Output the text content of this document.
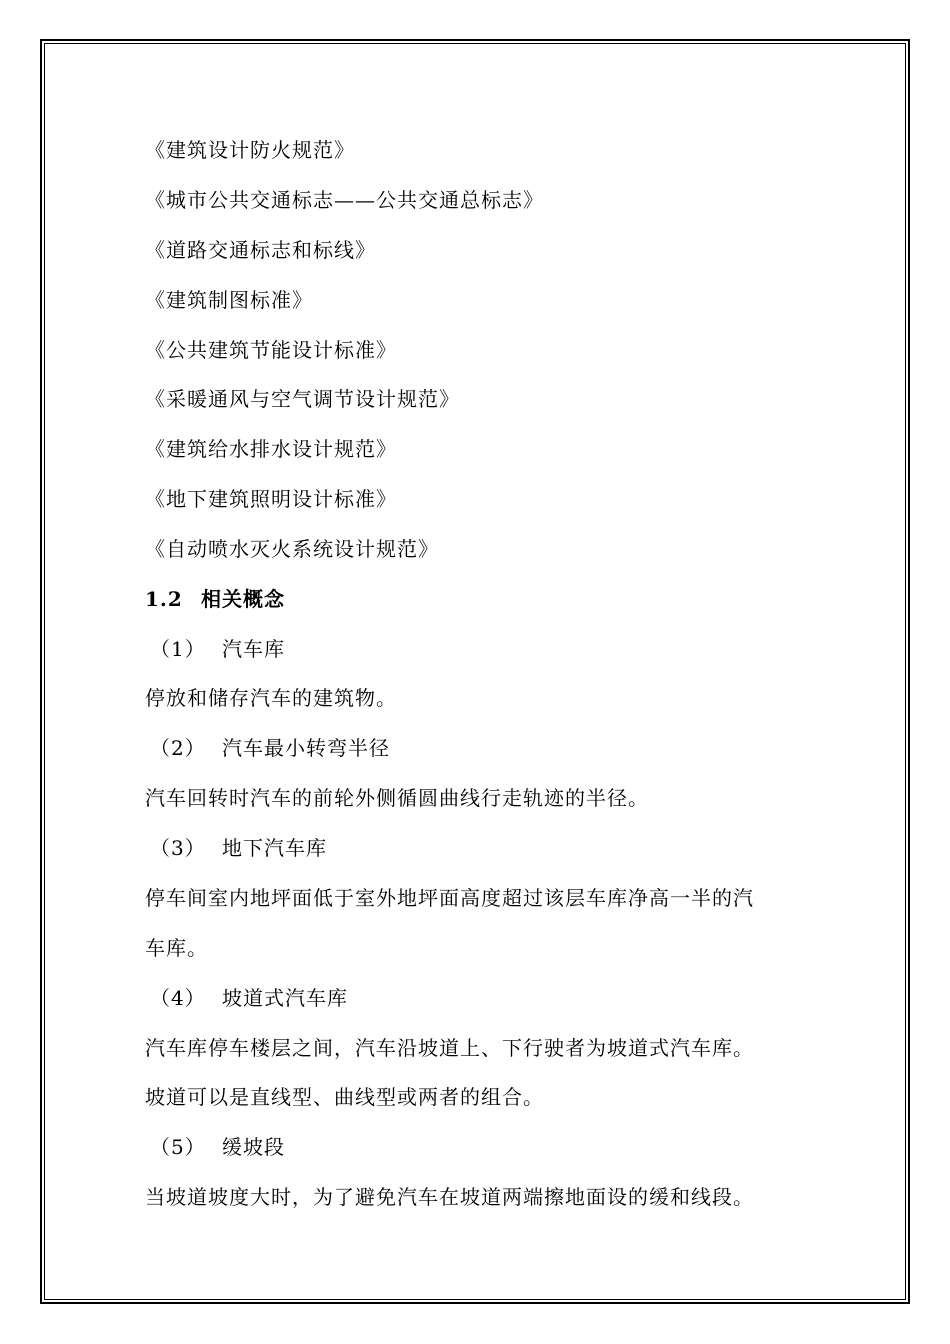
《建筑设计防火规范》
《城市公共交通标志——公共交通总标志》
《道路交通标志和标线》
《建筑制图标准》
《公共建筑节能设计标准》
《采暖通风与空气调节设计规范》
《建筑给水排水设计规范》
《地下建筑照明设计标准》
《自动喷水灭火系统设计规范》
1.2 相关概念
（1） 汽车库
停放和储存汽车的建筑物。
（2） 汽车最小转弯半径
汽车回转时汽车的前轮外侧循圆曲线行走轨迹的半径。
（3） 地下汽车库
停车间室内地坪面低于室外地坪面高度超过该层车库净高一半的汽
车库。
（4） 坡道式汽车库
汽车库停车楼层之间，汽车沿坡道上、下行驶者为坡道式汽车库。
坡道可以是直线型、曲线型或两者的组合。
（5） 缓坡段
当坡道坡度大时，为了避免汽车在坡道两端擦地面设的缓和线段。
